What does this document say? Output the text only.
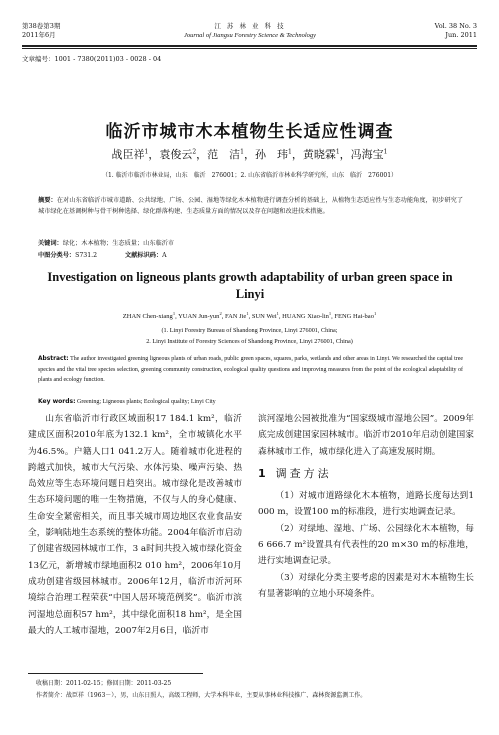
第38卷第3期
2011年6月
江 苏 林 业 科 技
Journal of Jiangsu Forestry Science & Technology
Vol. 38 No. 3
Jun. 2011
文章编号：1001 - 7380(2011)03 - 0028 - 04
临沂市城市木本植物生长适应性调查
战臣祥$^1$，袁俊云$^2$，范　洁$^1$，孙　玮$^1$，黄晓霖$^1$，冯海宝$^1$
（1. 临沂市临沂市林业局，山东　临沂　276001；2. 山东省临沂市林业科学研究所，山东　临沂　276001）
摘要：在对山东省临沂市城市道路、公共绿地、广场、公园、湿地等绿化木本植物进行调查分析的基础上，从植物生态适应性与生态功能角度，初步研究了城市绿化在基调树种与骨干树种选择、绿化群落构建、生态质量方面的情况以及存在问题和改进技术措施。
关键词：绿化；木本植物；生态质量；山东临沂市
中图分类号：S731.2	文献标识码：A
Investigation on ligneous plants growth adaptability of urban green space in Linyi
ZHAN Chen-xiang$^1$, YUAN Jun-yun$^2$, FAN Jie$^1$, SUN Wei$^1$, HUANG Xiao-lin$^1$, FENG Hai-bao$^1$
(1. Linyi Forestry Bureau of Shandong Province, Linyi 276001, China;
2. Linyi Institute of Forestry Sciences of Shandong Province, Linyi 276001, China)
Abstract: The author investigated greening ligneous plants of urban roads, public green spaces, squares, parks, wetlands and other areas in Linyi. We researched the capital tree species and the vital tree species selection, greening community construction, ecological quality questions and improving measures from the point of the ecological adaptability of plants and ecology function.
Key words: Greening; Ligneous plants; Ecological quality; Linyi City

山东省临沂市行政区域面积17 184.1 km²，临沂建成区面积2010年底为132.1 km²，全市城镇化水平为46.5%。户籍人口1 041.2万人。随着城市化进程的跨越式加快，城市大气污染、水体污染、噪声污染、热岛效应等生态环境问题日趋突出。城市绿化是改善城市生态环境问题的唯一生物措施，不仅与人的身心健康、生命安全紧密相关，而且事关城市周边地区农业食品安全，影响陆地生态系统的整体功能。2004年临沂市启动了创建省级园林城市工作，3 a时间共投入城市绿化资金13亿元，新增城市绿地面积2 010 hm²，2006年10月成功创建省级园林城市。2006年12月，临沂市沂河环境综合治理工程荣获“中国人居环境范例奖”。临沂市滨河湿地总面积57 hm²，其中绿化面积18 hm²，是全国最大的人工城市湿地，2007年2月6日，临沂市

滨河湿地公园被批准为“国家级城市湿地公园”。2009年底完成创建国家园林城市。临沂市2010年启动创建国家森林城市工作，城市绿化进入了高速发展时期。

1 调查方法

（1）对城市道路绿化木本植物，道路长度每达到1 000 m，设置100 m的标准段，进行实地调查记录。

（2）对绿地、湿地、广场、公园绿化木本植物，每6 666.7 m²设置具有代表性的20 m×30 m的标准地，进行实地调查记录。

（3）对绿化分类主要考虑的因素是对木本植物生长有显著影响的立地小环境条件。

收稿日期：2011-02-15；修回日期：2011-03-25
作者简介：战臣祥（1963－），男，山东日照人，高级工程师，大学本科毕业，主要从事林业科技推广、森林资源监测工作。
